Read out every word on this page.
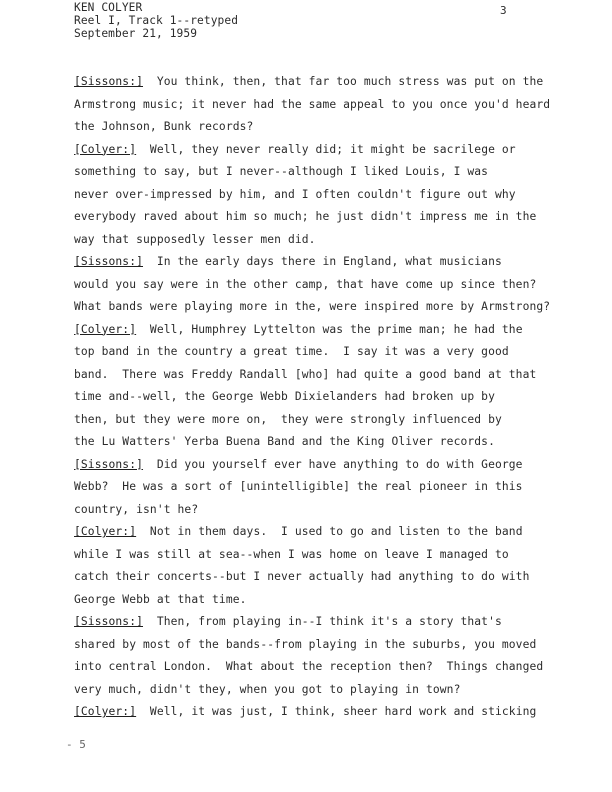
KEN COLYER
Reel I, Track 1--retyped
September 21, 1959
3
[Sissons:]  You think, then, that far too much stress was put on the
Armstrong music; it never had the same appeal to you once you'd heard
the Johnson, Bunk records?
[Colyer:]  Well, they never really did; it might be sacrilege or
something to say, but I never--although I liked Louis, I was
never over-impressed by him, and I often couldn't figure out why
everybody raved about him so much; he just didn't impress me in the
way that supposedly lesser men did.
[Sissons:]  In the early days there in England, what musicians
would you say were in the other camp, that have come up since then?
What bands were playing more in the, were inspired more by Armstrong?
[Colyer:]  Well, Humphrey Lyttelton was the prime man; he had the
top band in the country a great time.  I say it was a very good
band.  There was Freddy Randall [who] had quite a good band at that
time and--well, the George Webb Dixielanders had broken up by
then, but they were more on,  they were strongly influenced by
the Lu Watters' Yerba Buena Band and the King Oliver records.
[Sissons:]  Did you yourself ever have anything to do with George
Webb?  He was a sort of [unintelligible] the real pioneer in this
country, isn't he?
[Colyer:]  Not in them days.  I used to go and listen to the band
while I was still at sea--when I was home on leave I managed to
catch their concerts--but I never actually had anything to do with
George Webb at that time.
[Sissons:]  Then, from playing in--I think it's a story that's
shared by most of the bands--from playing in the suburbs, you moved
into central London.  What about the reception then?  Things changed
very much, didn't they, when you got to playing in town?
[Colyer:]  Well, it was just, I think, sheer hard work and sticking
- 5
